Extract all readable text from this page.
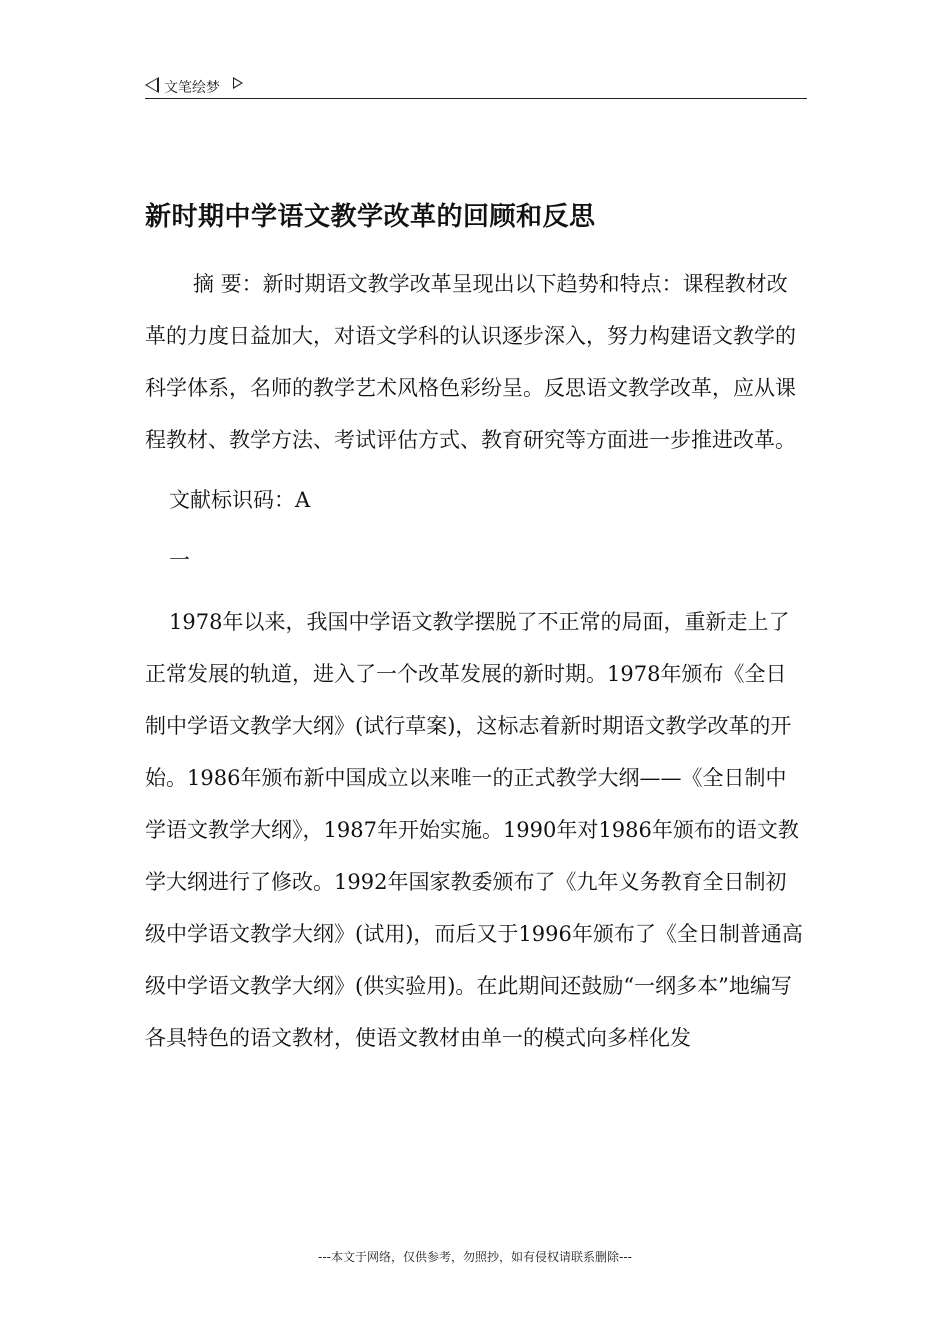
文笔绘梦
新时期中学语文教学改革的回顾和反思

摘 要：新时期语文教学改革呈现出以下趋势和特点：课程教材改革的力度日益加大，对语文学科的认识逐步深入，努力构建语文教学的科学体系，名师的教学艺术风格色彩纷呈。反思语文教学改革，应从课程教材、教学方法、考试评估方式、教育研究等方面进一步推进改革。

文献标识码：A

一

1978年以来，我国中学语文教学摆脱了不正常的局面，重新走上了正常发展的轨道，进入了一个改革发展的新时期。1978年颁布《全日制中学语文教学大纲》(试行草案)，这标志着新时期语文教学改革的开始。1986年颁布新中国成立以来唯一的正式教学大纲——《全日制中学语文教学大纲》，1987年开始实施。1990年对1986年颁布的语文教学大纲进行了修改。1992年国家教委颁布了《九年义务教育全日制初级中学语文教学大纲》(试用)，而后又于1996年颁布了《全日制普通高级中学语文教学大纲》(供实验用)。在此期间还鼓励“一纲多本”地编写各具特色的语文教材，使语文教材由单一的模式向多样化发

---本文于网络，仅供参考，勿照抄，如有侵权请联系删除---
